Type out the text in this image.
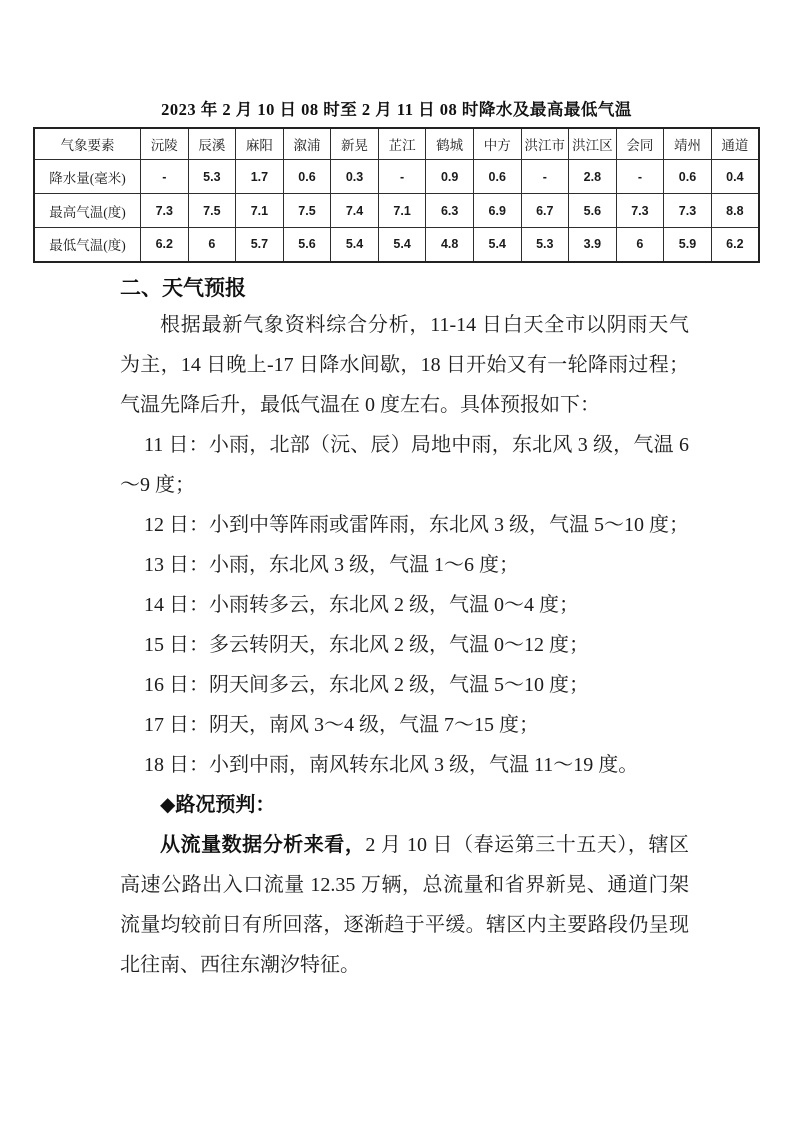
2023 年 2 月 10 日 08 时至 2 月 11 日 08 时降水及最高最低气温
气象要素	沅陵	辰溪	麻阳	溆浦	新晃	芷江	鹤城	中方	洪江市	洪江区	会同	靖州	通道
降水量(毫米)	-	5.3	1.7	0.6	0.3	-	0.9	0.6	-	2.8	-	0.6	0.4
最高气温(度)	7.3	7.5	7.1	7.5	7.4	7.1	6.3	6.9	6.7	5.6	7.3	7.3	8.8
最低气温(度)	6.2	6	5.7	5.6	5.4	5.4	4.8	5.4	5.3	3.9	6	5.9	6.2
二、天气预报

根据最新气象资料综合分析，11-14 日白天全市以阴雨天气为主，14 日晚上-17 日降水间歇，18 日开始又有一轮降雨过程；气温先降后升，最低气温在 0 度左右。具体预报如下：

11 日：小雨，北部（沅、辰）局地中雨，东北风 3 级，气温 6～9 度；

12 日：小到中等阵雨或雷阵雨，东北风 3 级，气温 5～10 度；

13 日：小雨，东北风 3 级，气温 1～6 度；

14 日：小雨转多云，东北风 2 级，气温 0～4 度；

15 日：多云转阴天，东北风 2 级，气温 0～12 度；

16 日：阴天间多云，东北风 2 级，气温 5～10 度；

17 日：阴天，南风 3～4 级，气温 7～15 度；

18 日：小到中雨，南风转东北风 3 级，气温 11～19 度。

◆路况预判：

从流量数据分析来看，2 月 10 日（春运第三十五天），辖区高速公路出入口流量 12.35 万辆，总流量和省界新晃、通道门架流量均较前日有所回落，逐渐趋于平缓。辖区内主要路段仍呈现北往南、西往东潮汐特征。
